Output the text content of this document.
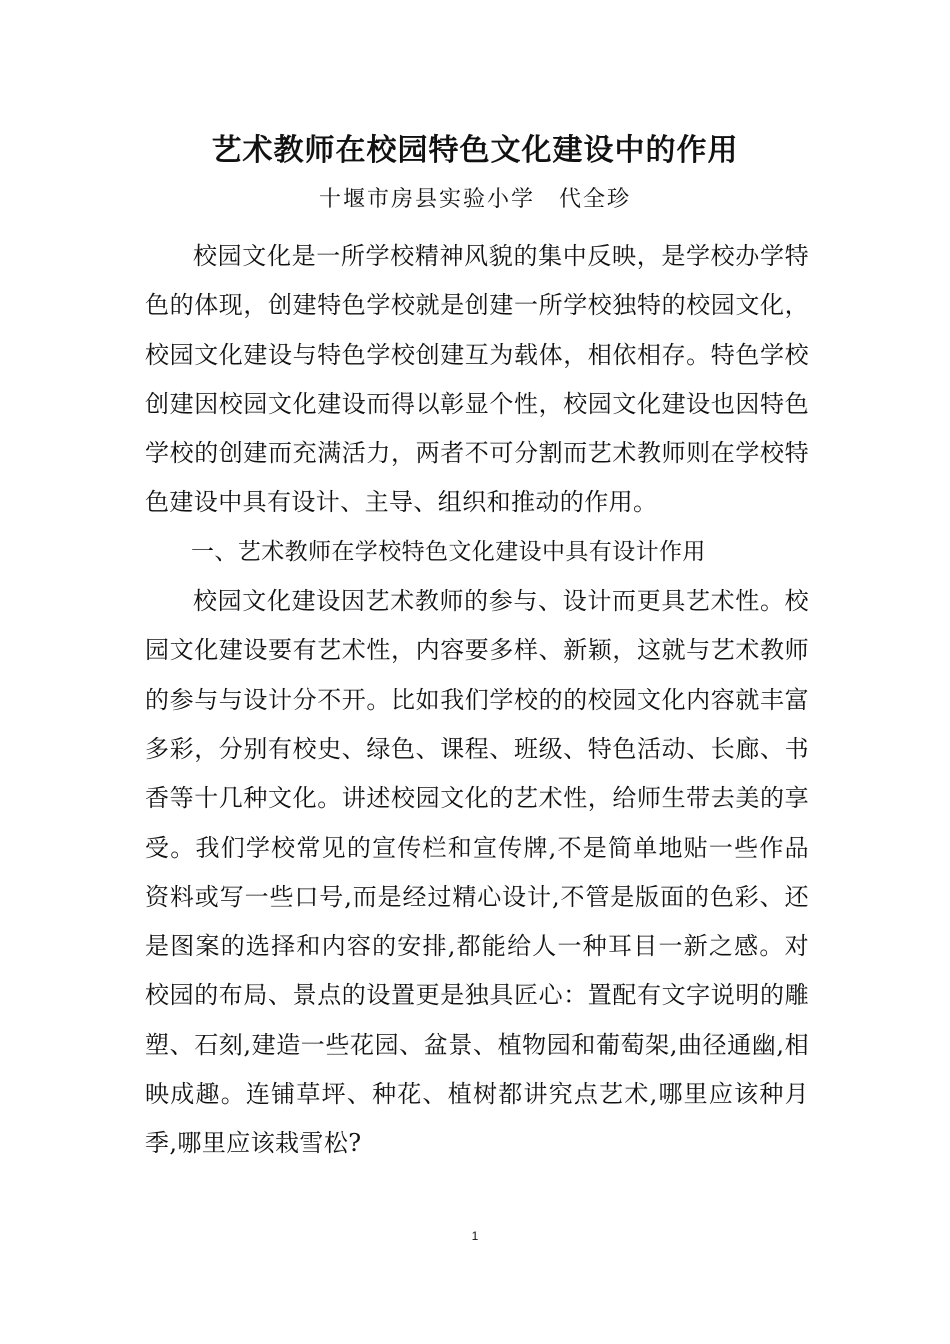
艺术教师在校园特色文化建设中的作用

十堰市房县实验小学　代全珍

校园文化是一所学校精神风貌的集中反映，是学校办学特色的体现，创建特色学校就是创建一所学校独特的校园文化，校园文化建设与特色学校创建互为载体，相依相存。特色学校创建因校园文化建设而得以彰显个性，校园文化建设也因特色学校的创建而充满活力，两者不可分割而艺术教师则在学校特色建设中具有设计、主导、组织和推动的作用。

一、艺术教师在学校特色文化建设中具有设计作用

校园文化建设因艺术教师的参与、设计而更具艺术性。校园文化建设要有艺术性，内容要多样、新颖，这就与艺术教师的参与与设计分不开。比如我们学校的的校园文化内容就丰富多彩，分别有校史、绿色、课程、班级、特色活动、长廊、书香等十几种文化。讲述校园文化的艺术性，给师生带去美的享受。我们学校常见的宣传栏和宣传牌,不是简单地贴一些作品资料或写一些口号,而是经过精心设计,不管是版面的色彩、还是图案的选择和内容的安排,都能给人一种耳目一新之感。对校园的布局、景点的设置更是独具匠心：置配有文字说明的雕塑、石刻,建造一些花园、盆景、植物园和葡萄架,曲径通幽,相映成趣。连铺草坪、种花、植树都讲究点艺术,哪里应该种月季,哪里应该栽雪松?

1
